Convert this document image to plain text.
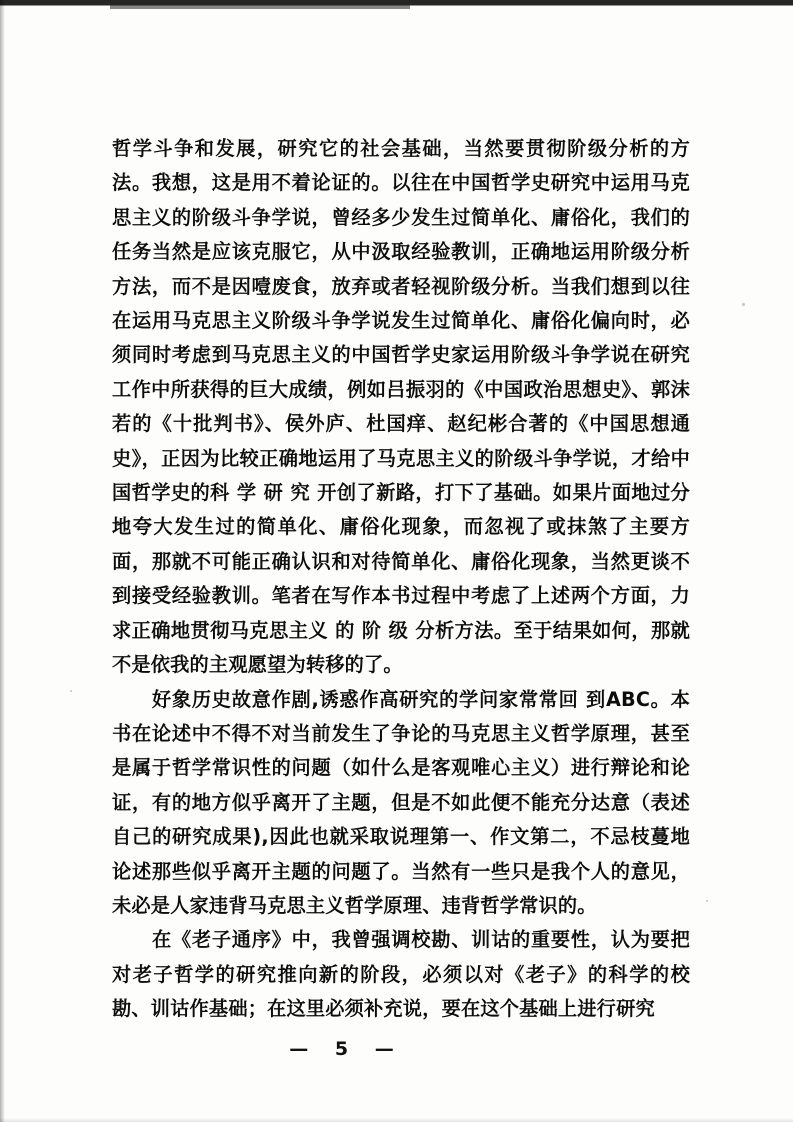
哲学斗争和发展，研究它的社会基础，当然要贯彻阶级分析的方法。我想，这是用不着论证的。以往在中国哲学史研究中运用马克思主义的阶级斗争学说，曾经多少发生过简单化、庸俗化，我们的任务当然是应该克服它，从中汲取经验教训，正确地运用阶级分析方法，而不是因噎废食，放弃或者轻视阶级分析。当我们想到以往在运用马克思主义阶级斗争学说发生过简单化、庸俗化偏向时，必须同时考虑到马克思主义的中国哲学史家运用阶级斗争学说在研究工作中所获得的巨大成绩，例如吕振羽的《中国政治思想史》、郭沫若的《十批判书》、侯外庐、杜国痒、赵纪彬合著的《中国思想通史》，正因为比较正确地运用了马克思主义的阶级斗争学说，才给中国哲学史的科 学 研 究 开创了新路，打下了基础。如果片面地过分地夸大发生过的简单化、庸俗化现象，而忽视了或抹煞了主要方面，那就不可能正确认识和对待简单化、庸俗化现象，当然更谈不到接受经验教训。笔者在写作本书过程中考虑了上述两个方面，力求正确地贯彻马克思主义 的 阶 级 分析方法。至于结果如何，那就不是依我的主观愿望为转移的了。

好象历史故意作剧,诱惑作高研究的学问家常常回 到ABC。本书在论述中不得不对当前发生了争论的马克思主义哲学原理，甚至是属于哲学常识性的问题（如什么是客观唯心主义）进行辩论和论证，有的地方似乎离开了主题，但是不如此便不能充分达意（表述自己的研究成果),因此也就采取说理第一、作文第二，不忌枝蔓地论述那些似乎离开主题的问题了。当然有一些只是我个人的意见，未必是人家违背马克思主义哲学原理、违背哲学常识的。

在《老子通序》中，我曾强调校勘、训诂的重要性，认为要把对老子哲学的研究推向新的阶段，必须以对《老子》的科学的校勘、训诂作基础；在这里必须补充说，要在这个基础上进行研究

— 5 —
